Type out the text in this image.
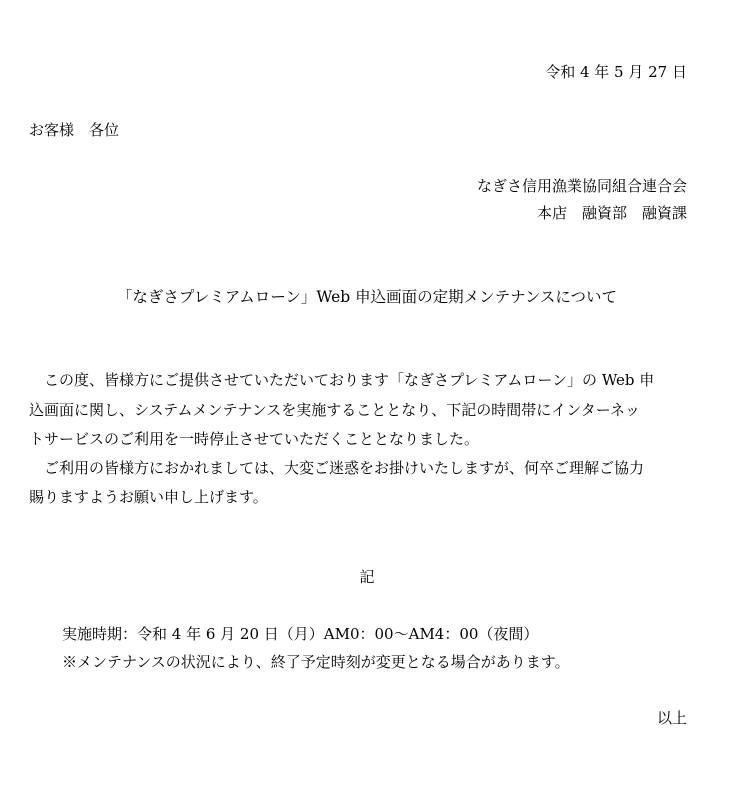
令和 4 年 5 月 27 日
お客様　各位
なぎさ信用漁業協同組合連合会
本店　融資部　融資課
「なぎさプレミアムローン」Web 申込画面の定期メンテナンスについて
　この度、皆様方にご提供させていただいております「なぎさプレミアムローン」の Web 申
込画面に関し、システムメンテナンスを実施することとなり、下記の時間帯にインターネッ
トサービスのご利用を一時停止させていただくこととなりました。
　ご利用の皆様方におかれましては、大変ご迷惑をお掛けいたしますが、何卒ご理解ご協力
賜りますようお願い申し上げます。
記
実施時期：令和 4 年 6 月 20 日（月）AM0：00～AM4：00（夜間）
※メンテナンスの状況により、終了予定時刻が変更となる場合があります。
以上
